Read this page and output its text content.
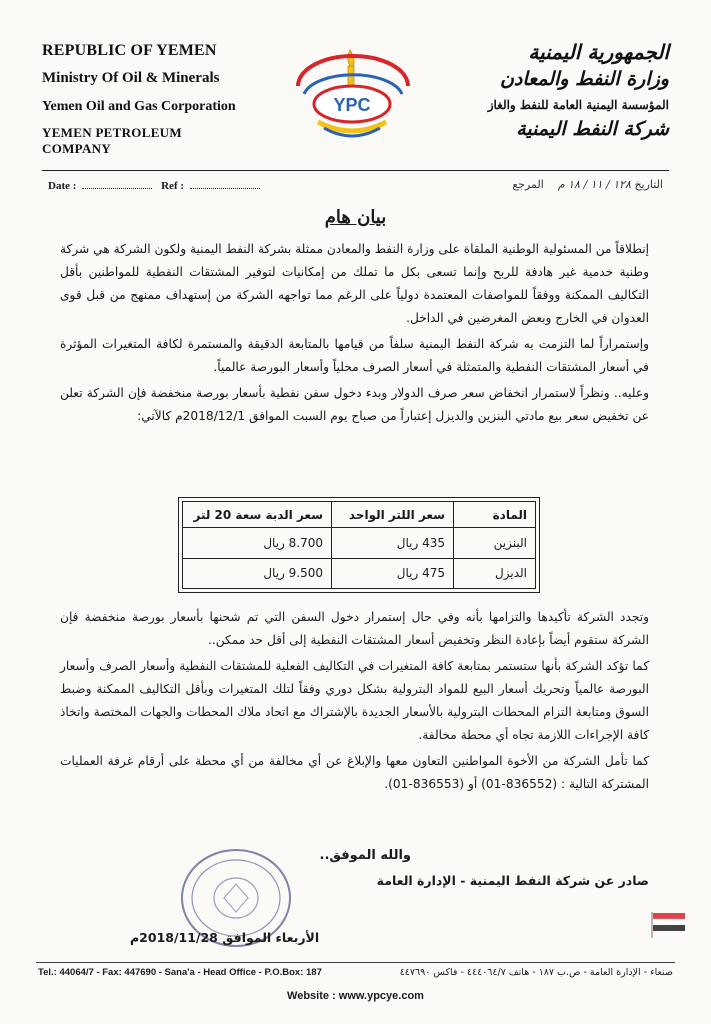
REPUBLIC OF YEMEN
Ministry Of Oil & Minerals
Yemen Oil and Gas Corporation
YEMEN PETROLEUM COMPANY
YPC
الجمهورية اليمنية
وزارة النفط والمعادن
المؤسسة اليمنية العامة للنفط والغاز
شركة النفط اليمنية
Date :	Ref :	التاريخ ١٢٨ / ١١ / ١٨ م    المرجع
بيان هام

إنطلاقاً من المسئولية الوطنية الملقاة على وزارة النفط والمعادن ممثلة بشركة النفط اليمنية ولكون الشركة هي شركة وطنية خدمية غير هادفة للربح وإنما تسعى بكل ما تملك من إمكانيات لتوفير المشتقات النفطية للمواطنين بأقل التكاليف الممكنة ووفقاً للمواصفات المعتمدة دولياً على الرغم مما تواجهه الشركة من إستهداف ممنهج من قبل قوى العدوان في الخارج وبعض المغرضين في الداخل.

وإستمراراً لما التزمت به شركة النفط اليمنية سلفاً من قيامها بالمتابعة الدقيقة والمستمرة لكافة المتغيرات المؤثرة في أسعار المشتقات النفطية والمتمثلة في أسعار الصرف محلياً وأسعار البورصة عالمياً.

وعليه.. ونظراً لاستمرار انخفاض سعر صرف الدولار وبدء دخول سفن نفطية بأسعار بورصة منخفضة فإن الشركة تعلن عن تخفيض سعر بيع مادتي البنزين والديزل إعتباراً من صباح يوم السبت الموافق 2018/12/1م كالآتي:

المادة	سعر اللتر الواحد	سعر الدبة سعة 20 لتر
البنزين	435 ريال	8.700 ريال
الديزل	475 ريال	9.500 ريال

وتجدد الشركة تأكيدها والتزامها بأنه وفي حال إستمرار دخول السفن التي تم شحنها بأسعار بورصة منخفضة فإن الشركة ستقوم أيضاً بإعادة النظر وتخفيض أسعار المشتقات النفطية إلى أقل حد ممكن..

كما تؤكد الشركة بأنها ستستمر بمتابعة كافة المتغيرات في التكاليف الفعلية للمشتقات النفطية وأسعار الصرف وأسعار البورصة عالمياً وتحريك أسعار البيع للمواد البترولية بشكل دوري وفقاً لتلك المتغيرات وبأقل التكاليف الممكنة وضبط السوق ومتابعة التزام المحطات البترولية بالأسعار الجديدة بالإشتراك مع اتحاد ملاك المحطات والجهات المختصة واتخاذ كافة الإجراءات اللازمة تجاه أي محطة مخالفة.

كما تأمل الشركة من الأخوة المواطنين التعاون معها والإبلاغ عن أي مخالفة من أي محطة على أرقام غرفة العمليات المشتركة التالية : (836552-01) أو (836553-01).

والله الموفق..
صادر عن شركة النفط اليمنية - الإدارة العامة
الأربعاء الموافق 2018/11/28م
Tel.: 44064/7 - Fax: 447690 - Sana'a - Head Office - P.O.Box: 187	صنعاء - الإدارة العامة - ص.ب ١٨٧ - هاتف ٤٤٤٠٦٤/٧ - فاكس ٤٤٧٦٩٠
Website : www.ypcye.com
